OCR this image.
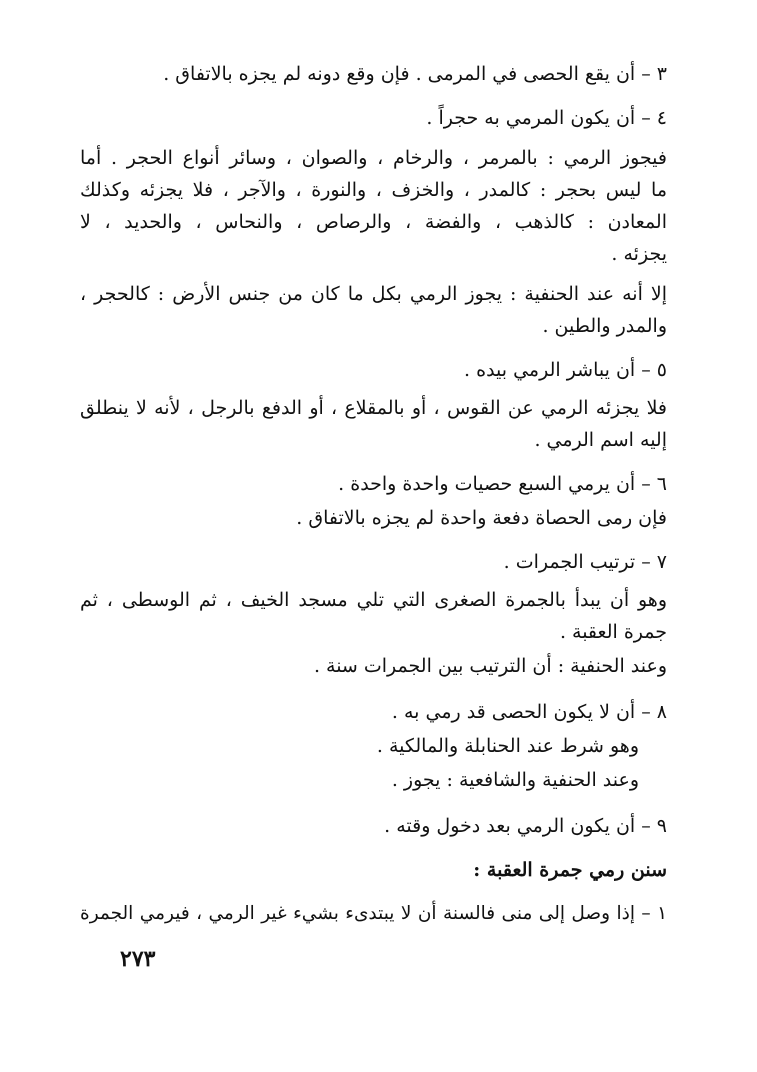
٣ – أن يقع الحصى في المرمى . فإن وقع دونه لم يجزه بالاتفاق .
٤ – أن يكون المرمي به حجراً .
فيجوز الرمي : بالمرمر ، والرخام ، والصوان ، وسائر أنواع الحجر . أما
ما ليس بحجر : كالمدر ، والخزف ، والنورة ، والآجر ، فلا يجزئه وكذلك
المعادن : كالذهب ، والفضة ، والرصاص ، والنحاس ، والحديد ، لا
يجزئه .
إلا أنه عند الحنفية : يجوز الرمي بكل ما كان من جنس الأرض : كالحجر ،
والمدر والطين .
٥ – أن يباشر الرمي بيده .
فلا يجزئه الرمي عن القوس ، أو بالمقلاع ، أو الدفع بالرجل ، لأنه لا ينطلق
إليه اسم الرمي .
٦ – أن يرمي السبع حصيات واحدة واحدة .
فإن رمى الحصاة دفعة واحدة لم يجزه بالاتفاق .
٧ – ترتيب الجمرات .
وهو أن يبدأ بالجمرة الصغرى التي تلي مسجد الخيف ، ثم الوسطى ، ثم
جمرة العقبة .
وعند الحنفية : أن الترتيب بين الجمرات سنة .
٨ – أن لا يكون الحصى قد رمي به .
وهو شرط عند الحنابلة والمالكية .
وعند الحنفية والشافعية : يجوز .
٩ – أن يكون الرمي بعد دخول وقته .
سنن رمي جمرة العقبة :
١ – إذا وصل إلى منى فالسنة أن لا يبتدىء بشيء غير الرمي ، فيرمي الجمرة
٢٧٣
